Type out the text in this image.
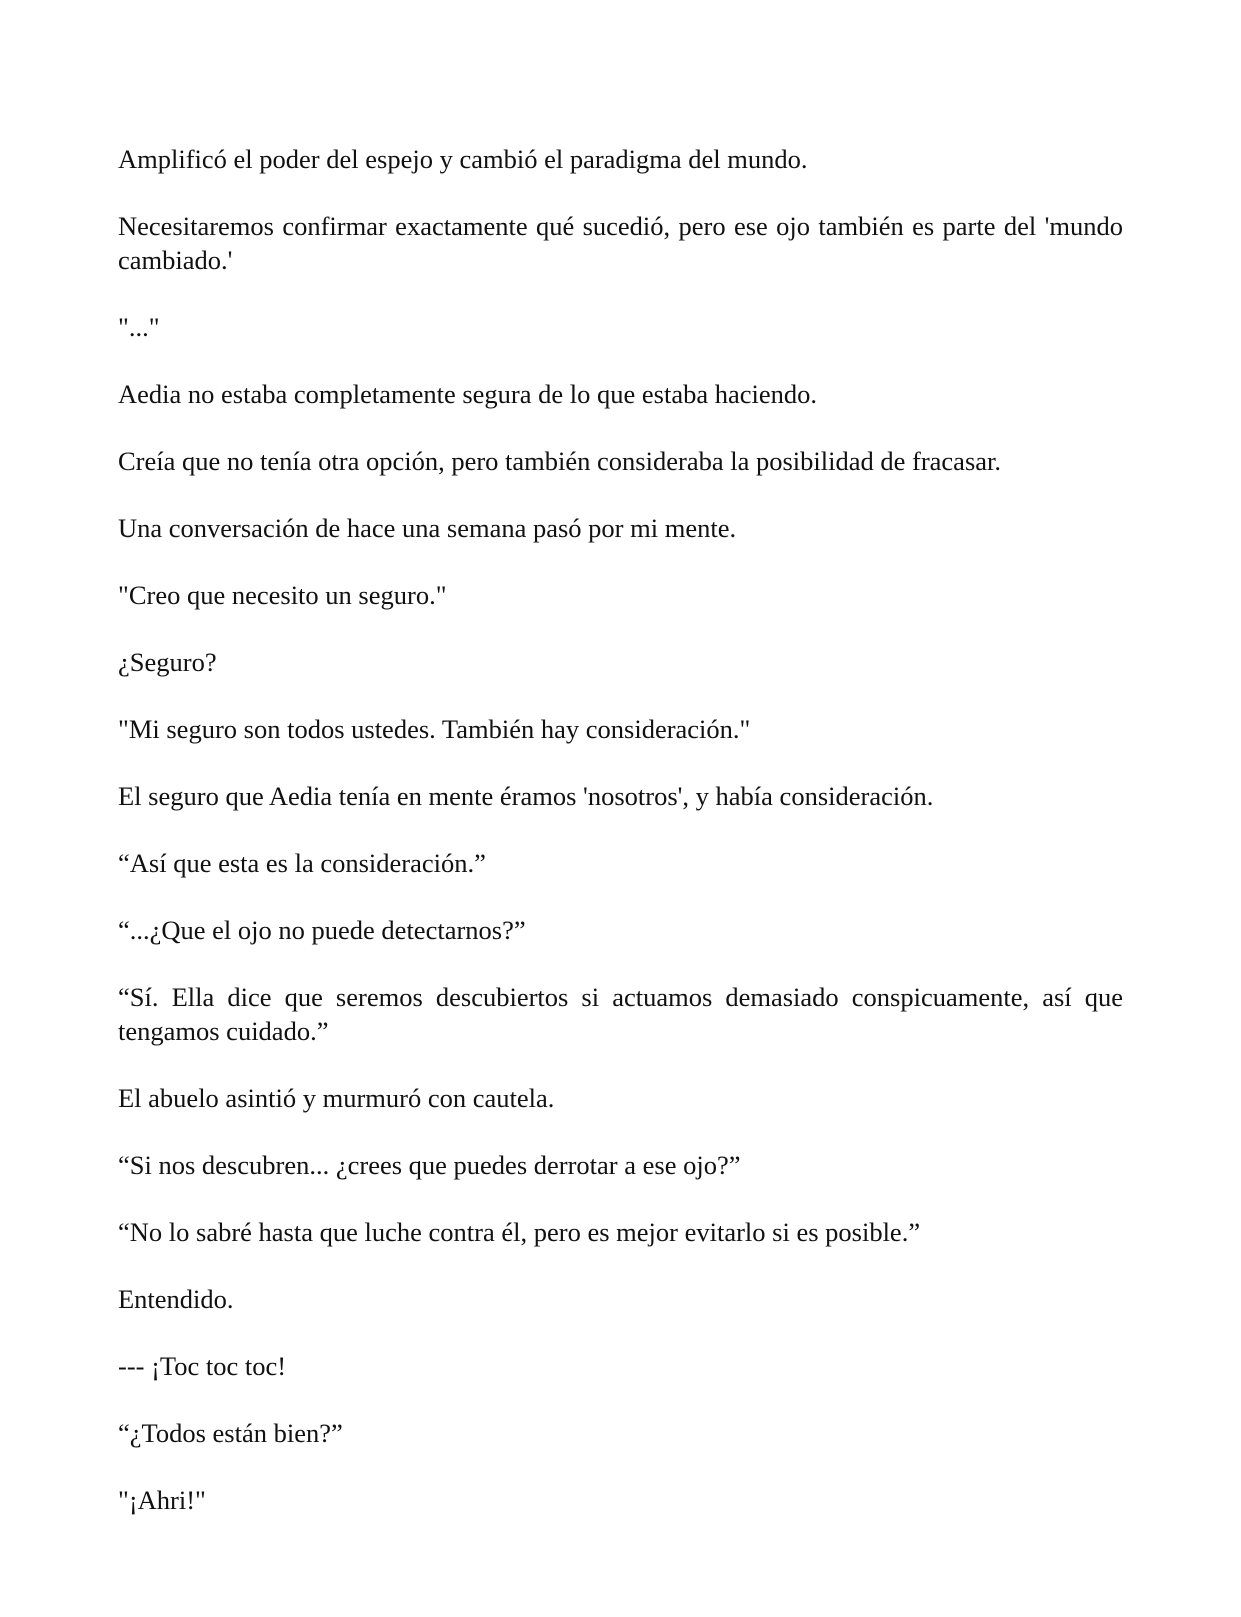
Amplificó el poder del espejo y cambió el paradigma del mundo.

Necesitaremos confirmar exactamente qué sucedió, pero ese ojo también es parte del 'mundo cambiado.'

"..."

Aedia no estaba completamente segura de lo que estaba haciendo.

Creía que no tenía otra opción, pero también consideraba la posibilidad de fracasar.

Una conversación de hace una semana pasó por mi mente.

"Creo que necesito un seguro."

¿Seguro?

"Mi seguro son todos ustedes. También hay consideración."

El seguro que Aedia tenía en mente éramos 'nosotros', y había consideración.

“Así que esta es la consideración.”

“...¿Que el ojo no puede detectarnos?”

“Sí. Ella dice que seremos descubiertos si actuamos demasiado conspicuamente, así que tengamos cuidado.”

El abuelo asintió y murmuró con cautela.

“Si nos descubren... ¿crees que puedes derrotar a ese ojo?”

“No lo sabré hasta que luche contra él, pero es mejor evitarlo si es posible.”

Entendido.

--- ¡Toc toc toc!

“¿Todos están bien?”

"¡Ahri!"
